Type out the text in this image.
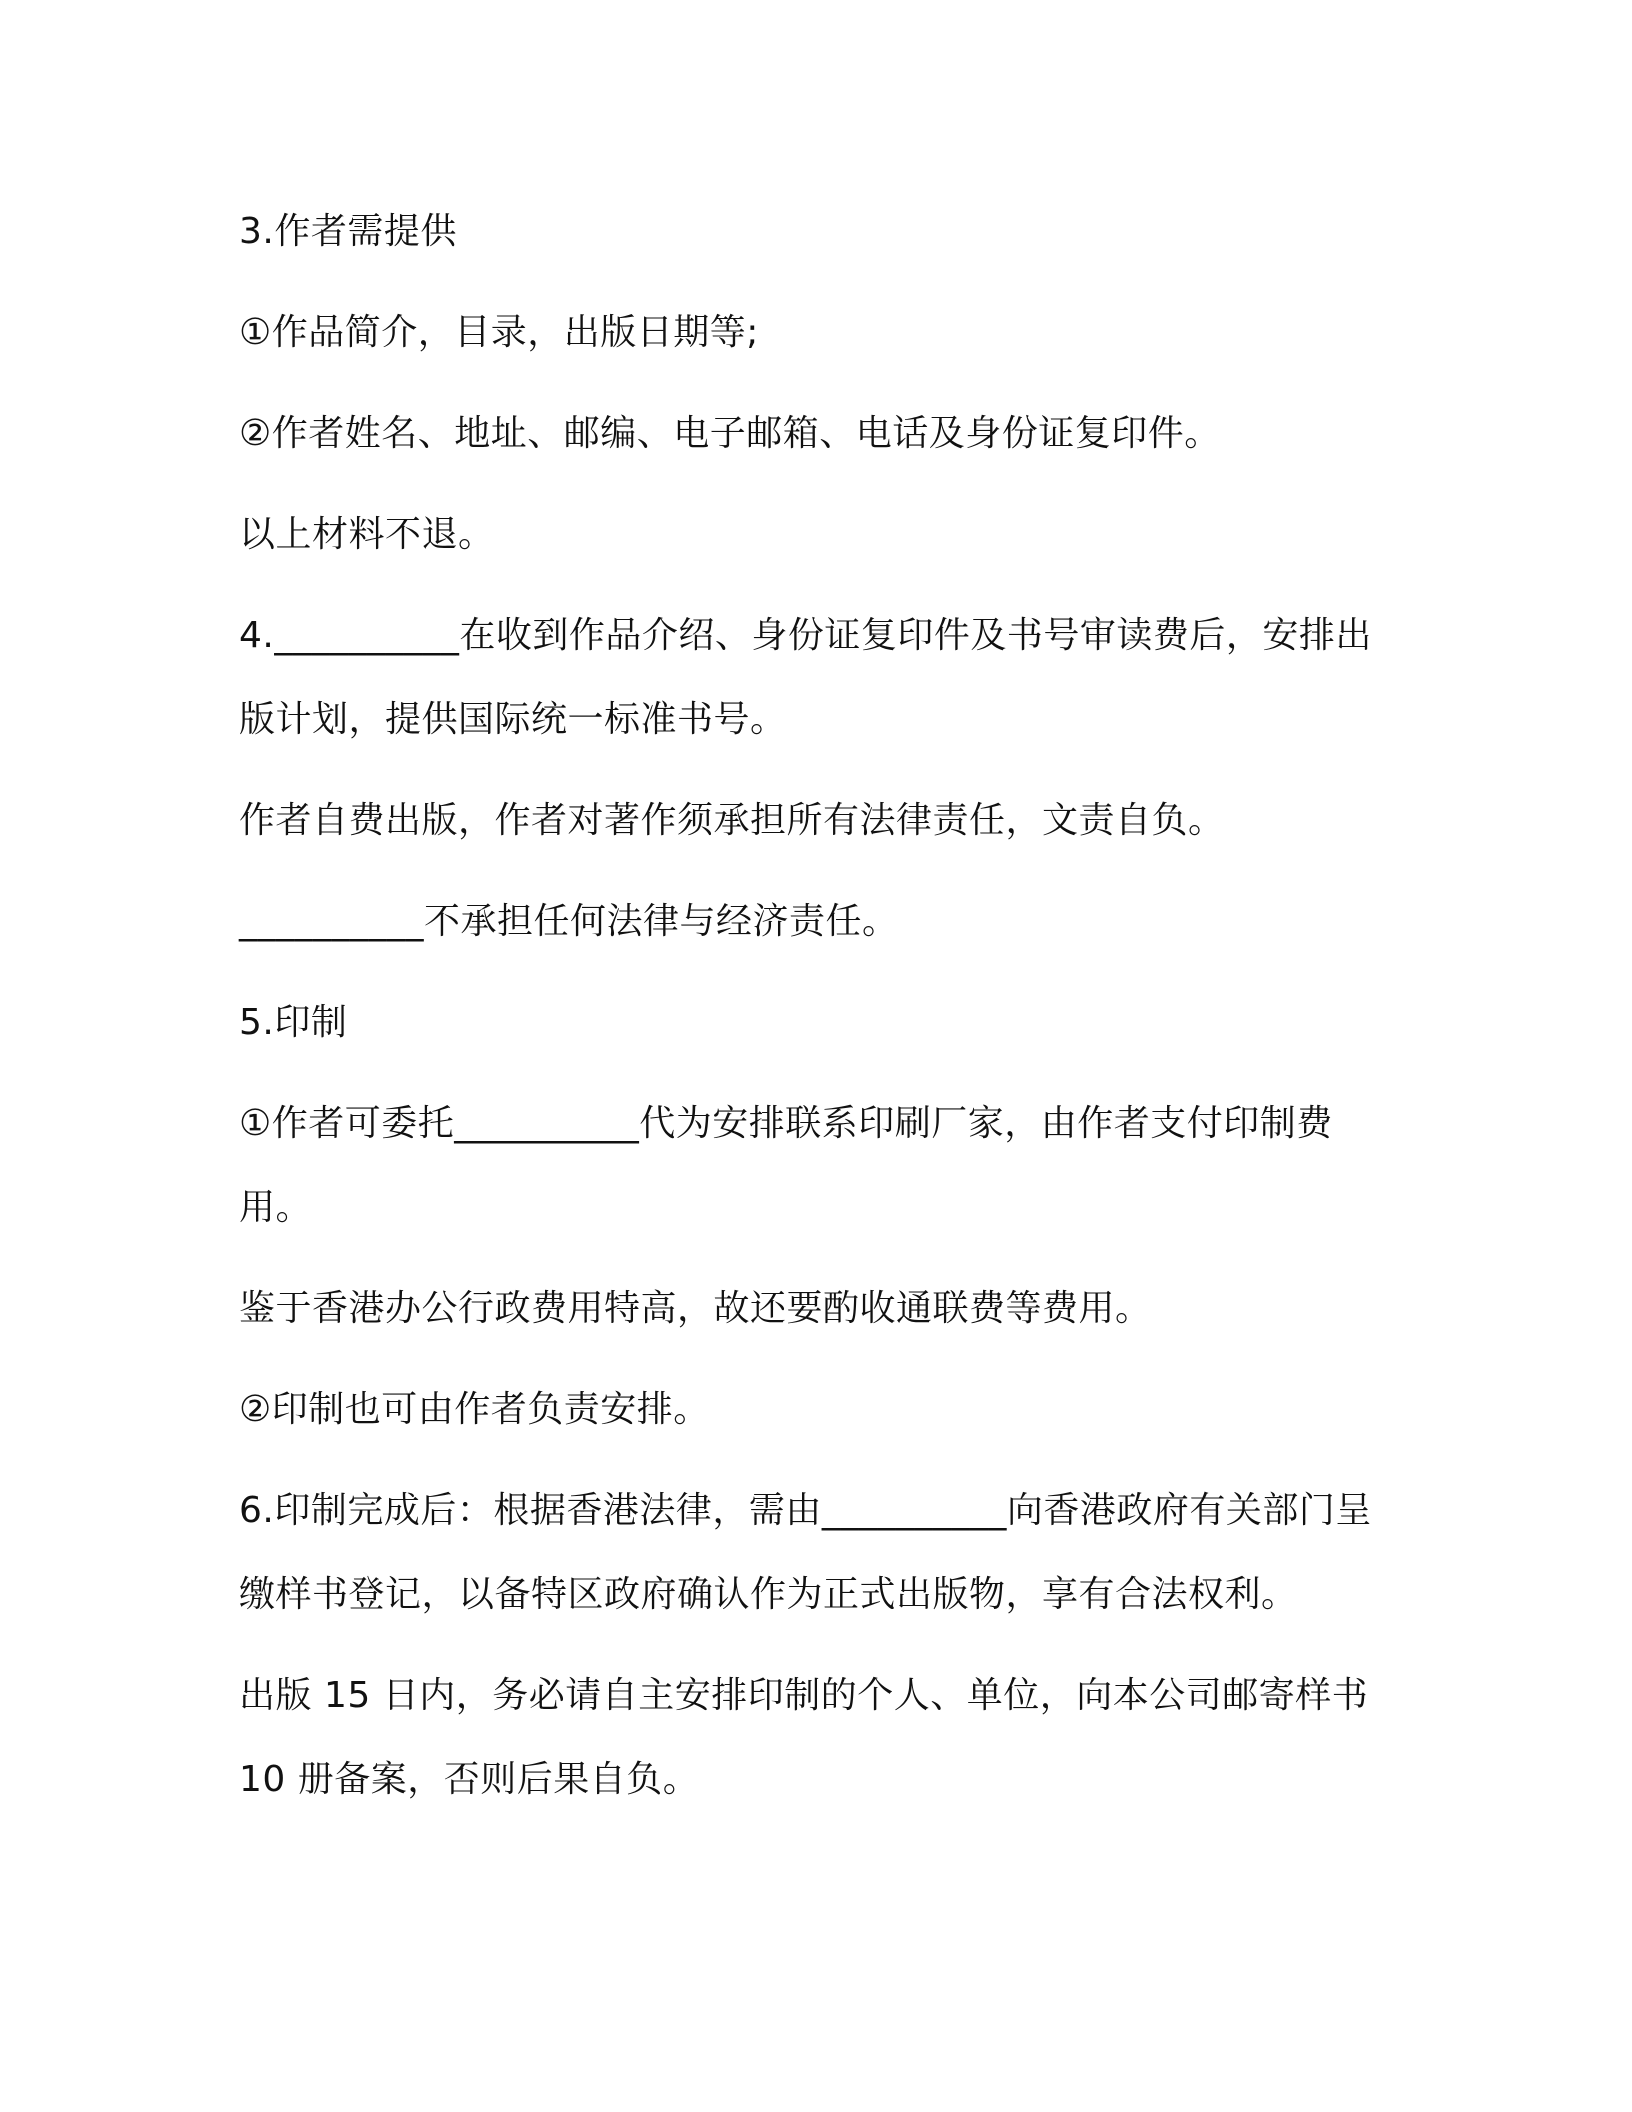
3.作者需提供

①作品简介，目录，出版日期等;

②作者姓名、地址、邮编、电子邮箱、电话及身份证复印件。

以上材料不退。

4.__________在收到作品介绍、身份证复印件及书号审读费后，安排出版计划，提供国际统一标准书号。

作者自费出版，作者对著作须承担所有法律责任，文责自负。

__________不承担任何法律与经济责任。

5.印制

①作者可委托__________代为安排联系印刷厂家，由作者支付印制费用。

鉴于香港办公行政费用特高，故还要酌收通联费等费用。

②印制也可由作者负责安排。

6.印制完成后：根据香港法律，需由__________向香港政府有关部门呈缴样书登记，以备特区政府确认作为正式出版物，享有合法权利。

出版 15 日内，务必请自主安排印制的个人、单位，向本公司邮寄样书 10 册备案，否则后果自负。
